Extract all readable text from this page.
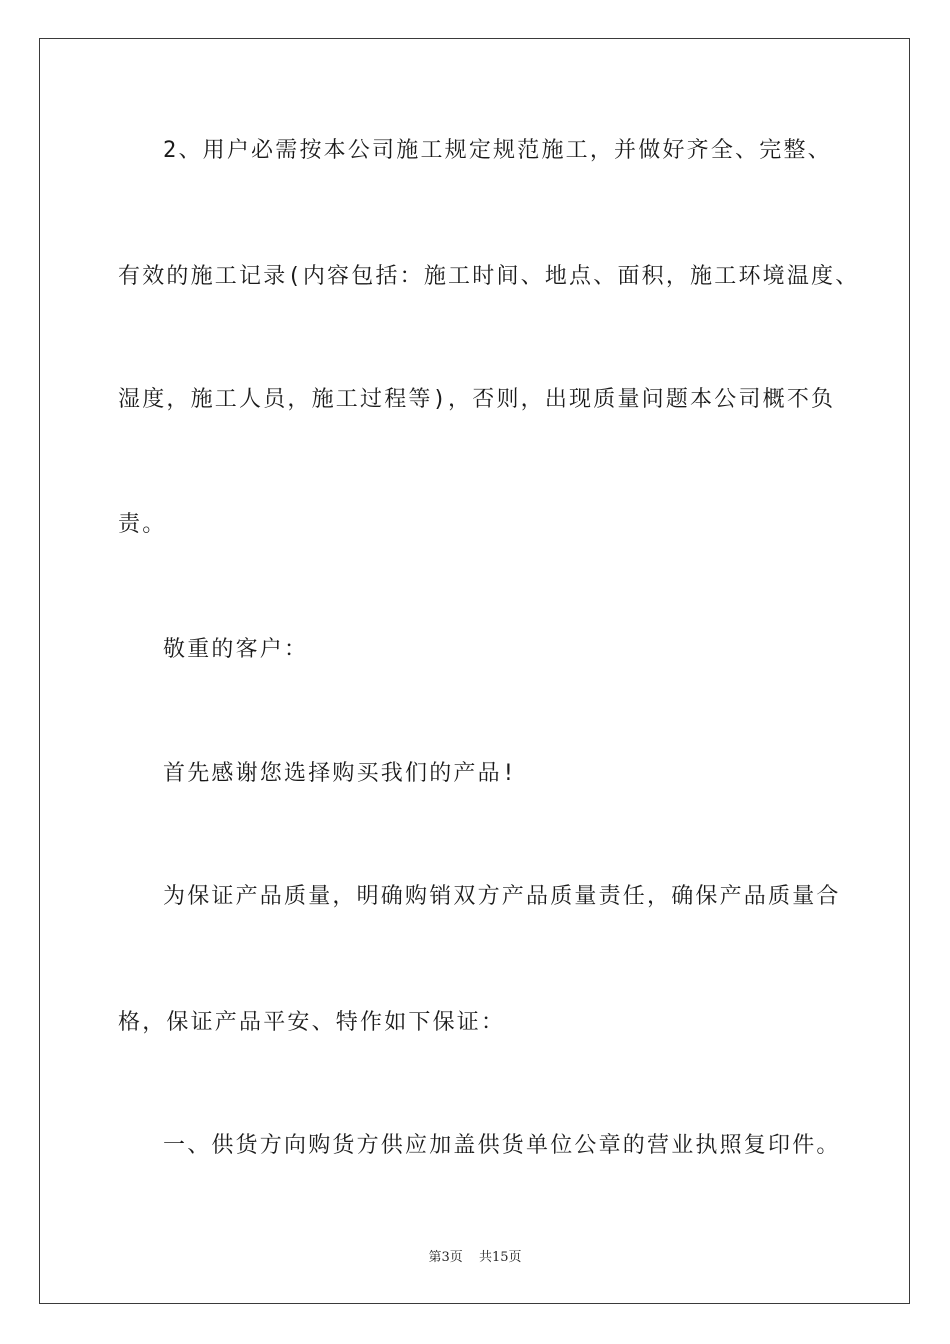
2、用户必需按本公司施工规定规范施工，并做好齐全、完整、
有效的施工记录(内容包括：施工时间、地点、面积，施工环境温度、
湿度，施工人员，施工过程等)，否则，出现质量问题本公司概不负
责。
敬重的客户：
首先感谢您选择购买我们的产品!
为保证产品质量，明确购销双方产品质量责任，确保产品质量合
格，保证产品平安、特作如下保证：
一、供货方向购货方供应加盖供货单位公章的营业执照复印件。
第3页 共15页
